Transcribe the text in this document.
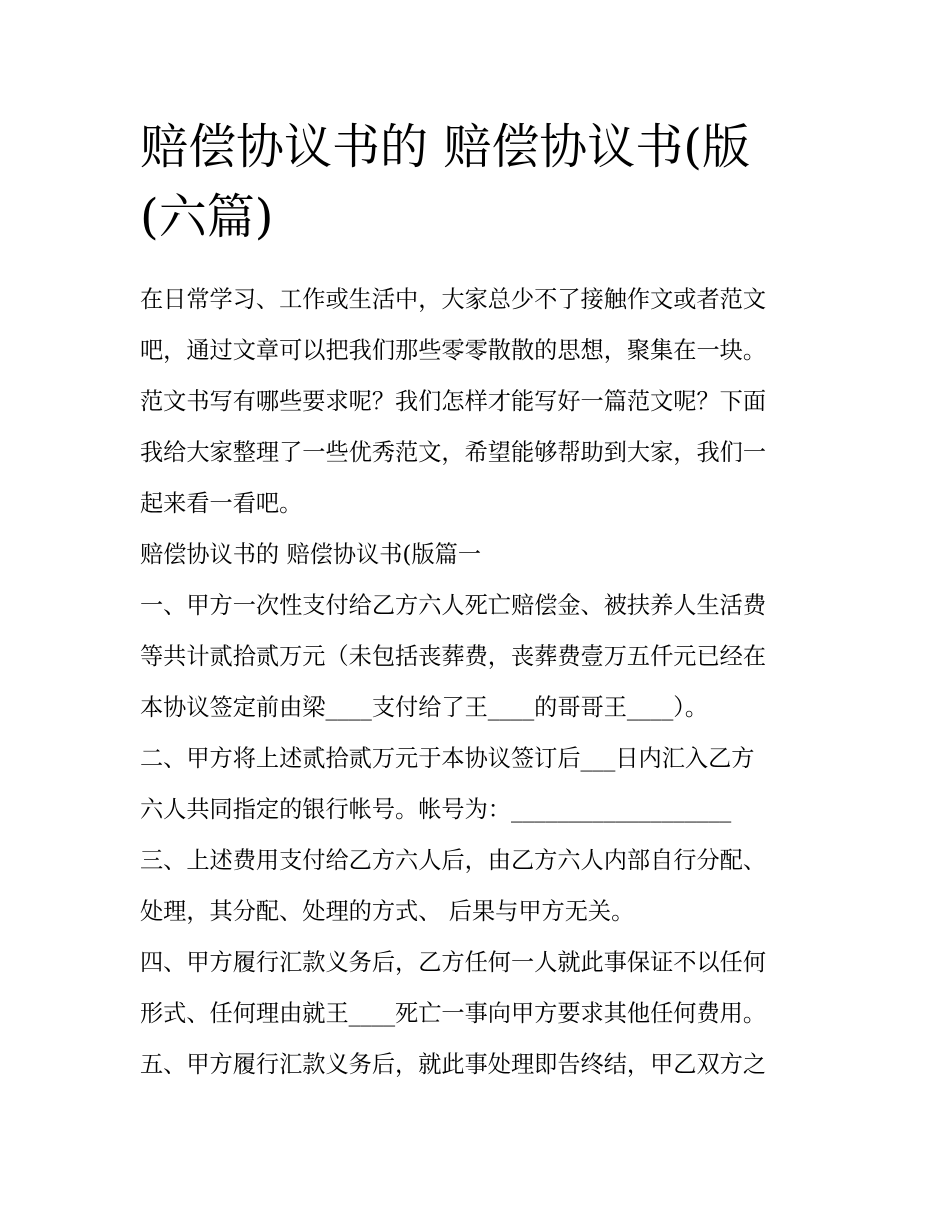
赔偿协议书的 赔偿协议书(版
(六篇)
在日常学习、工作或生活中，大家总少不了接触作文或者范文
吧，通过文章可以把我们那些零零散散的思想，聚集在一块。
范文书写有哪些要求呢？我们怎样才能写好一篇范文呢？下面
我给大家整理了一些优秀范文，希望能够帮助到大家，我们一
起来看一看吧。
赔偿协议书的 赔偿协议书(版篇一
一、甲方一次性支付给乙方六人死亡赔偿金、被扶养人生活费
等共计贰拾贰万元（未包括丧葬费，丧葬费壹万五仟元已经在
本协议签定前由梁____支付给了王____的哥哥王____）。
二、甲方将上述贰拾贰万元于本协议签订后___日内汇入乙方
六人共同指定的银行帐号。帐号为：___________________
三、上述费用支付给乙方六人后，由乙方六人内部自行分配、
处理，其分配、处理的方式、 后果与甲方无关。
四、甲方履行汇款义务后，乙方任何一人就此事保证不以任何
形式、任何理由就王____死亡一事向甲方要求其他任何费用。
五、甲方履行汇款义务后，就此事处理即告终结，甲乙双方之
